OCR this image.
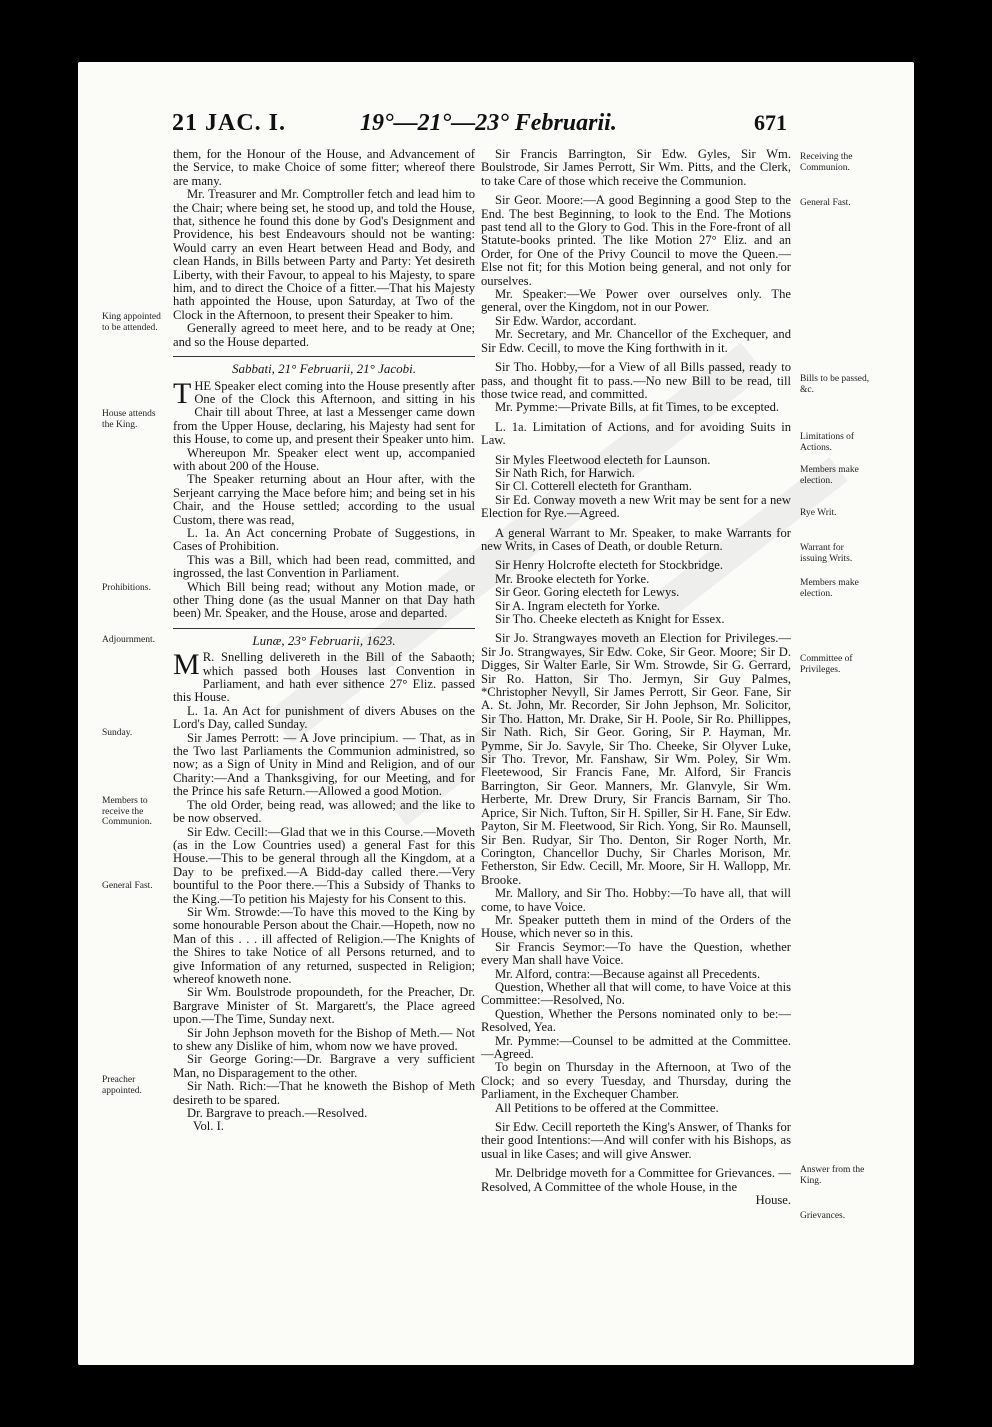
21 JAC. I.	19°—21°—23° Februarii.	671
King appointed to be attended.
House attends the King.
Prohibitions.
Adjournment.
Sunday.
Members to receive the Communion.
General Fast.
Preacher appointed.
Receiving the Communion.
General Fast.
Bills to be passed, &c.
Limitations of Actions.
Members make election.
Rye Writ.
Warrant for issuing Writs.
Members make election.
Committee of Privileges.
Answer from the King.
Grievances.

them, for the Honour of the House, and Advancement of the Service, to make Choice of some fitter; whereof there are many.

Mr. Treasurer and Mr. Comptroller fetch and lead him to the Chair; where being set, he stood up, and told the House, that, sithence he found this done by God's Designment and Providence, his best Endeavours should not be wanting: Would carry an even Heart between Head and Body, and clean Hands, in Bills between Party and Party: Yet desireth Liberty, with their Favour, to appeal to his Majesty, to spare him, and to direct the Choice of a fitter.—That his Majesty hath appointed the House, upon Saturday, at Two of the Clock in the Afternoon, to present their Speaker to him.

Generally agreed to meet here, and to be ready at One; and so the House departed.

Sabbati, 21° Februarii, 21° Jacobi.

THE Speaker elect coming into the House presently after One of the Clock this Afternoon, and sitting in his Chair till about Three, at last a Messenger came down from the Upper House, declaring, his Majesty had sent for this House, to come up, and present their Speaker unto him.

Whereupon Mr. Speaker elect went up, accompanied with about 200 of the House.

The Speaker returning about an Hour after, with the Serjeant carrying the Mace before him; and being set in his Chair, and the House settled; according to the usual Custom, there was read,

L. 1a. An Act concerning Probate of Suggestions, in Cases of Prohibition.

This was a Bill, which had been read, committed, and ingrossed, the last Convention in Parliament.

Which Bill being read; without any Motion made, or other Thing done (as the usual Manner on that Day hath been) Mr. Speaker, and the House, arose and departed.

Lunæ, 23° Februarii, 1623.

M R. Snelling delivereth in the Bill of the Sabaoth; which passed both Houses last Convention in Parliament, and hath ever sithence 27° Eliz. passed this House.

L. 1a. An Act for punishment of divers Abuses on the Lord's Day, called Sunday.

Sir James Perrott: — A Jove principium. — That, as in the Two last Parliaments the Communion administred, so now; as a Sign of Unity in Mind and Religion, and of our Charity:—And a Thanksgiving, for our Meeting, and for the Prince his safe Return.—Allowed a good Motion.

The old Order, being read, was allowed; and the like to be now observed.

Sir Edw. Cecill:—Glad that we in this Course.—Moveth (as in the Low Countries used) a general Fast for this House.—This to be general through all the Kingdom, at a Day to be prefixed.—A Bidd-day called there.—Very bountiful to the Poor there.—This a Subsidy of Thanks to the King.—To petition his Majesty for his Consent to this.

Sir Wm. Strowde:—To have this moved to the King by some honourable Person about the Chair.—Hopeth, now no Man of this . . . ill affected of Religion.—The Knights of the Shires to take Notice of all Persons returned, and to give Information of any returned, suspected in Religion; whereof knoweth none.

Sir Wm. Boulstrode propoundeth, for the Preacher, Dr. Bargrave Minister of St. Margarett's, the Place agreed upon.—The Time, Sunday next.

Sir John Jephson moveth for the Bishop of Meth.— Not to shew any Dislike of him, whom now we have proved.

Sir George Goring:—Dr. Bargrave a very sufficient Man, no Disparagement to the other.

Sir Nath. Rich:—That he knoweth the Bishop of Meth desireth to be spared.

Dr. Bargrave to preach.—Resolved.

Vol. I.

Sir Francis Barrington, Sir Edw. Gyles, Sir Wm. Boulstrode, Sir James Perrott, Sir Wm. Pitts, and the Clerk, to take Care of those which receive the Communion.

Sir Geor. Moore:—A good Beginning a good Step to the End. The best Beginning, to look to the End. The Motions past tend all to the Glory to God. This in the Fore-front of all Statute-books printed. The like Motion 27° Eliz. and an Order, for One of the Privy Council to move the Queen.—Else not fit; for this Motion being general, and not only for ourselves.

Mr. Speaker:—We Power over ourselves only. The general, over the Kingdom, not in our Power.

Sir Edw. Wardor, accordant.

Mr. Secretary, and Mr. Chancellor of the Exchequer, and Sir Edw. Cecill, to move the King forthwith in it.

Sir Tho. Hobby,—for a View of all Bills passed, ready to pass, and thought fit to pass.—No new Bill to be read, till those twice read, and committed.

Mr. Pymme:—Private Bills, at fit Times, to be excepted.

L. 1a. Limitation of Actions, and for avoiding Suits in Law.

Sir Myles Fleetwood electeth for Launson.

Sir Nath Rich, for Harwich.

Sir Cl. Cotterell electeth for Grantham.

Sir Ed. Conway moveth a new Writ may be sent for a new Election for Rye.—Agreed.

A general Warrant to Mr. Speaker, to make Warrants for new Writs, in Cases of Death, or double Return.

Sir Henry Holcrofte electeth for Stockbridge.

Mr. Brooke electeth for Yorke.

Sir Geor. Goring electeth for Lewys.

Sir A. Ingram electeth for Yorke.

Sir Tho. Cheeke electeth as Knight for Essex.

Sir Jo. Strangwayes moveth an Election for Privileges.— Sir Jo. Strangwayes, Sir Edw. Coke, Sir Geor. Moore; Sir D. Digges, Sir Walter Earle, Sir Wm. Strowde, Sir G. Gerrard, Sir Ro. Hatton, Sir Tho. Jermyn, Sir Guy Palmes, *Christopher Nevyll, Sir James Perrott, Sir Geor. Fane, Sir A. St. John, Mr. Recorder, Sir John Jephson, Mr. Solicitor, Sir Tho. Hatton, Mr. Drake, Sir H. Poole, Sir Ro. Phillippes, Sir Nath. Rich, Sir Geor. Goring, Sir P. Hayman, Mr. Pymme, Sir Jo. Savyle, Sir Tho. Cheeke, Sir Olyver Luke, Sir Tho. Trevor, Mr. Fanshaw, Sir Wm. Poley, Sir Wm. Fleetewood, Sir Francis Fane, Mr. Alford, Sir Francis Barrington, Sir Geor. Manners, Mr. Glanvyle, Sir Wm. Herberte, Mr. Drew Drury, Sir Francis Barnam, Sir Tho. Aprice, Sir Nich. Tufton, Sir H. Spiller, Sir H. Fane, Sir Edw. Payton, Sir M. Fleetwood, Sir Rich. Yong, Sir Ro. Maunsell, Sir Ben. Rudyar, Sir Tho. Denton, Sir Roger North, Mr. Corington, Chancellor Duchy, Sir Charles Morison, Mr. Fetherston, Sir Edw. Cecill, Mr. Moore, Sir H. Wallopp, Mr. Brooke.

Mr. Mallory, and Sir Tho. Hobby:—To have all, that will come, to have Voice.

Mr. Speaker putteth them in mind of the Orders of the House, which never so in this.

Sir Francis Seymor:—To have the Question, whether every Man shall have Voice.

Mr. Alford, contra:—Because against all Precedents.

Question, Whether all that will come, to have Voice at this Committee:—Resolved, No.

Question, Whether the Persons nominated only to be:—Resolved, Yea.

Mr. Pymme:—Counsel to be admitted at the Committee.—Agreed.

To begin on Thursday in the Afternoon, at Two of the Clock; and so every Tuesday, and Thursday, during the Parliament, in the Exchequer Chamber.

All Petitions to be offered at the Committee.

Sir Edw. Cecill reporteth the King's Answer, of Thanks for their good Intentions:—And will confer with his Bishops, as usual in like Cases; and will give Answer.

Mr. Delbridge moveth for a Committee for Grievances. —Resolved, A Committee of the whole House, in the

House.
